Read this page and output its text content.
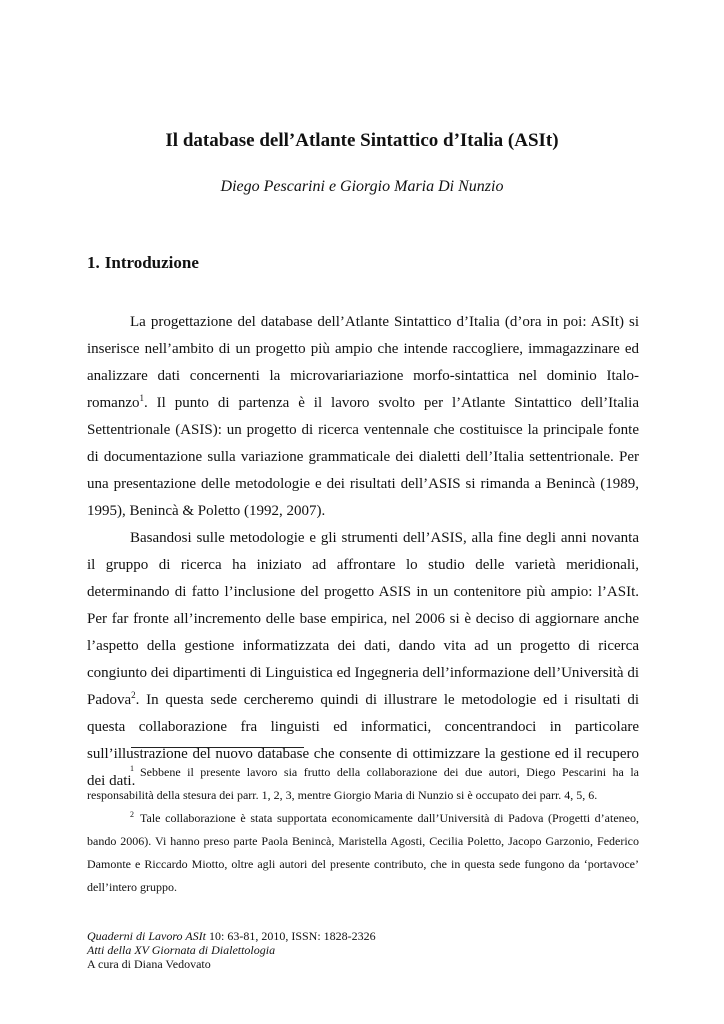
Il database dell’Atlante Sintattico d’Italia (ASIt)
Diego Pescarini e Giorgio Maria Di Nunzio
1. Introduzione

La progettazione del database dell’Atlante Sintattico d’Italia (d’ora in poi: ASIt) si inserisce nell’ambito di un progetto più ampio che intende raccogliere, immagazzinare ed analizzare dati concernenti la microvariariazione morfo-sintattica nel dominio Italo-romanzo$^1$. Il punto di partenza è il lavoro svolto per l’Atlante Sintattico dell’Italia Settentrionale (ASIS): un progetto di ricerca ventennale che costituisce la principale fonte di documentazione sulla variazione grammaticale dei dialetti dell’Italia settentrionale. Per una presentazione delle metodologie e dei risultati dell’ASIS si rimanda a Benincà (1989, 1995), Benincà & Poletto (1992, 2007).

Basandosi sulle metodologie e gli strumenti dell’ASIS, alla fine degli anni novanta il gruppo di ricerca ha iniziato ad affrontare lo studio delle varietà meridionali, determinando di fatto l’inclusione del progetto ASIS in un contenitore più ampio: l’ASIt. Per far fronte all’incremento delle base empirica, nel 2006 si è deciso di aggiornare anche l’aspetto della gestione informatizzata dei dati, dando vita ad un progetto di ricerca congiunto dei dipartimenti di Linguistica ed Ingegneria dell’informazione dell’Università di Padova$^2$. In questa sede cercheremo quindi di illustrare le metodologie ed i risultati di questa collaborazione fra linguisti ed informatici, concentrandoci in particolare sull’illustrazione del nuovo database che consente di ottimizzare la gestione ed il recupero dei dati.

$^1$ Sebbene il presente lavoro sia frutto della collaborazione dei due autori, Diego Pescarini ha la responsabilità della stesura dei parr. 1, 2, 3, mentre Giorgio Maria di Nunzio si è occupato dei parr. 4, 5, 6.

$^2$ Tale collaborazione è stata supportata economicamente dall’Università di Padova (Progetti d’ateneo, bando 2006). Vi hanno preso parte Paola Benincà, Maristella Agosti, Cecilia Poletto, Jacopo Garzonio, Federico Damonte e Riccardo Miotto, oltre agli autori del presente contributo, che in questa sede fungono da ‘portavoce’ dell’intero gruppo.

Quaderni di Lavoro ASIt 10: 63-81, 2010, ISSN: 1828-2326
Atti della XV Giornata di Dialettologia
A cura di Diana Vedovato
